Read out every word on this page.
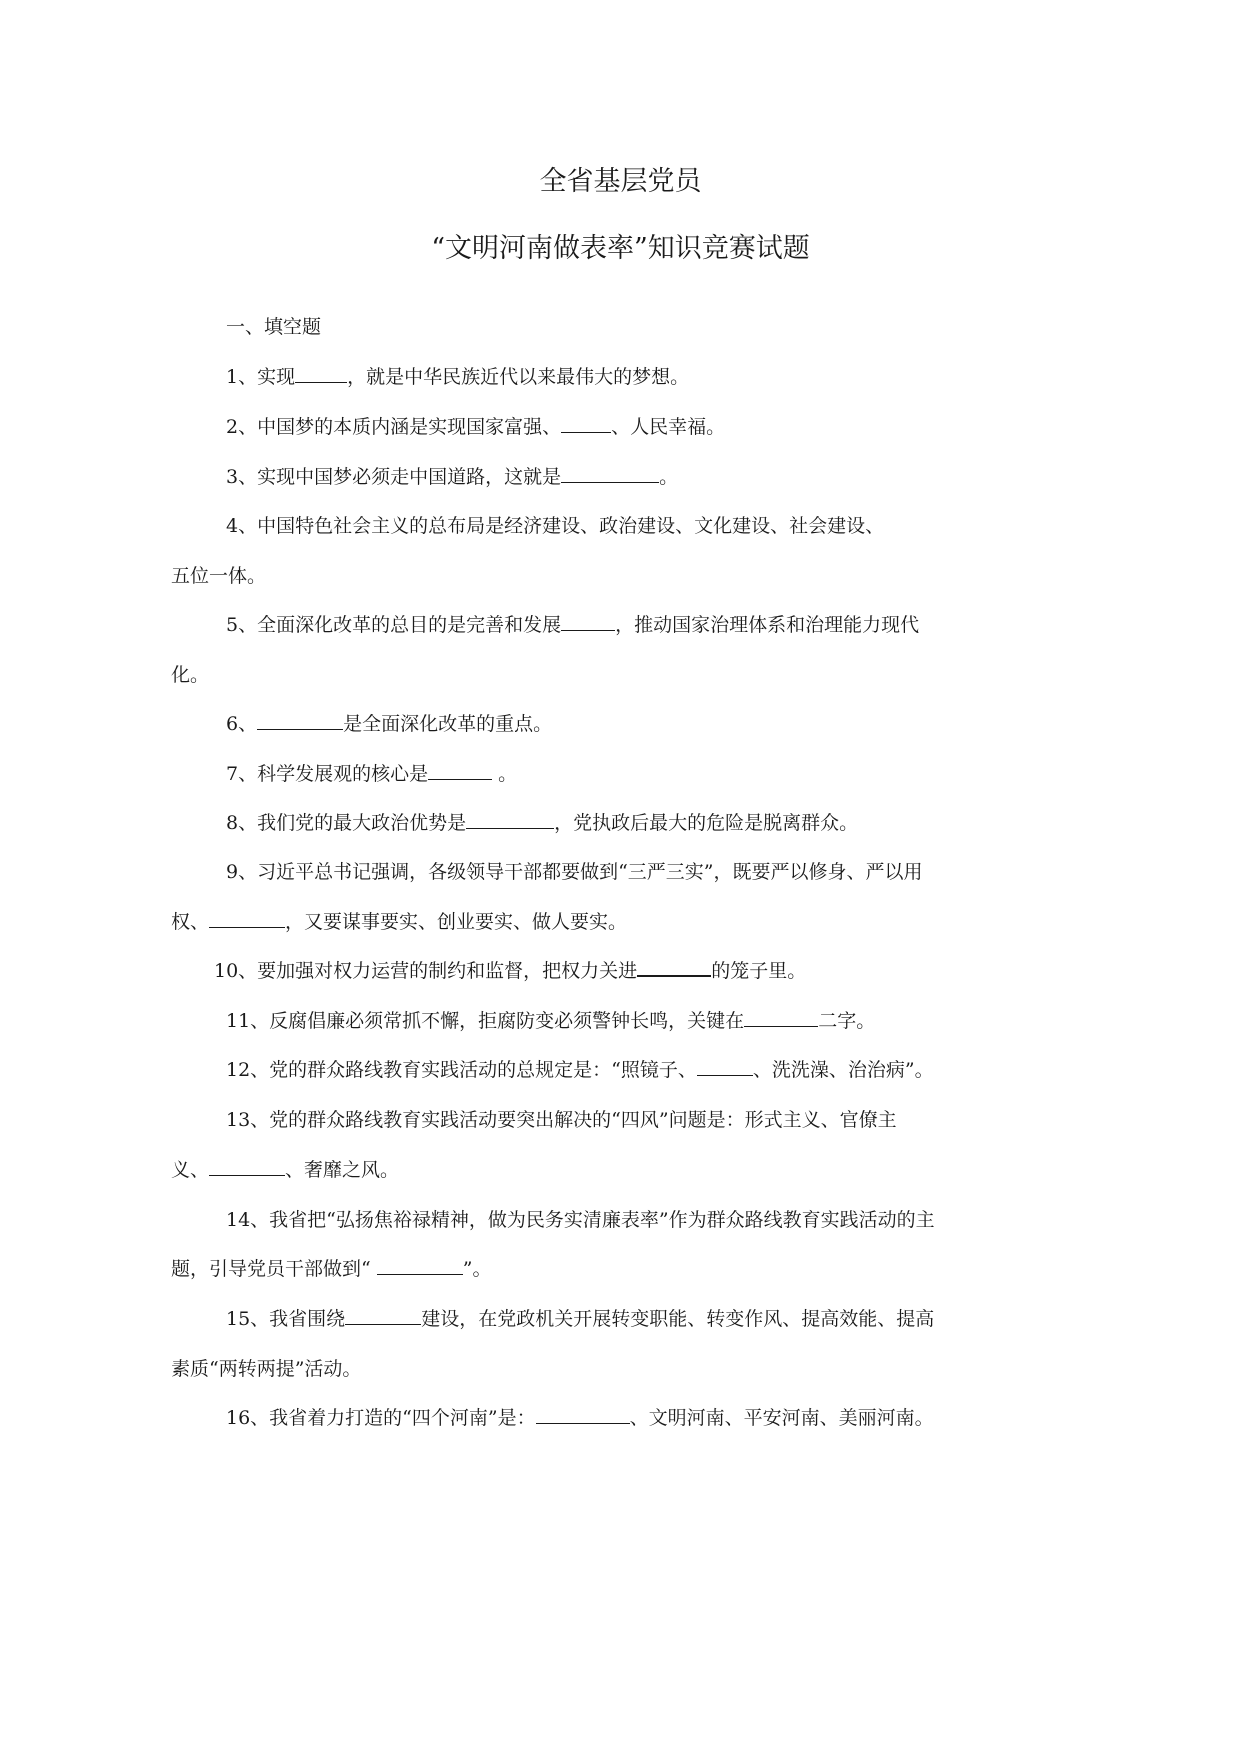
全省基层党员
“文明河南做表率”知识竞赛试题

一、填空题

1、实现	，就是中华民族近代以来最伟大的梦想。

2、中国梦的本质内涵是实现国家富强、	、人民幸福。

3、实现中国梦必须走中国道路，这就是	。

4、中国特色社会主义的总布局是经济建设、政治建设、文化建设、社会建设、

五位一体。

5、全面深化改革的总目的是完善和发展	，推动国家治理体系和治理能力现代

化。

6、	是全面深化改革的重点。

7、科学发展观的核心是	。

8、我们党的最大政治优势是	，党执政后最大的危险是脱离群众。

9、习近平总书记强调，各级领导干部都要做到“三严三实”，既要严以修身、严以用

权、	，又要谋事要实、创业要实、做人要实。

10、要加强对权力运营的制约和监督，把权力关进	的笼子里。

11、反腐倡廉必须常抓不懈，拒腐防变必须警钟长鸣，关键在	二字。

12、党的群众路线教育实践活动的总规定是：“照镜子、	、洗洗澡、治治病”。

13、党的群众路线教育实践活动要突出解决的“四风”问题是：形式主义、官僚主

义、	、奢靡之风。

14、我省把“弘扬焦裕禄精神，做为民务实清廉表率”作为群众路线教育实践活动的主

题，引导党员干部做到“	”。

15、我省围绕	建设，在党政机关开展转变职能、转变作风、提高效能、提高

素质“两转两提”活动。

16、我省着力打造的“四个河南”是：	、文明河南、平安河南、美丽河南。
